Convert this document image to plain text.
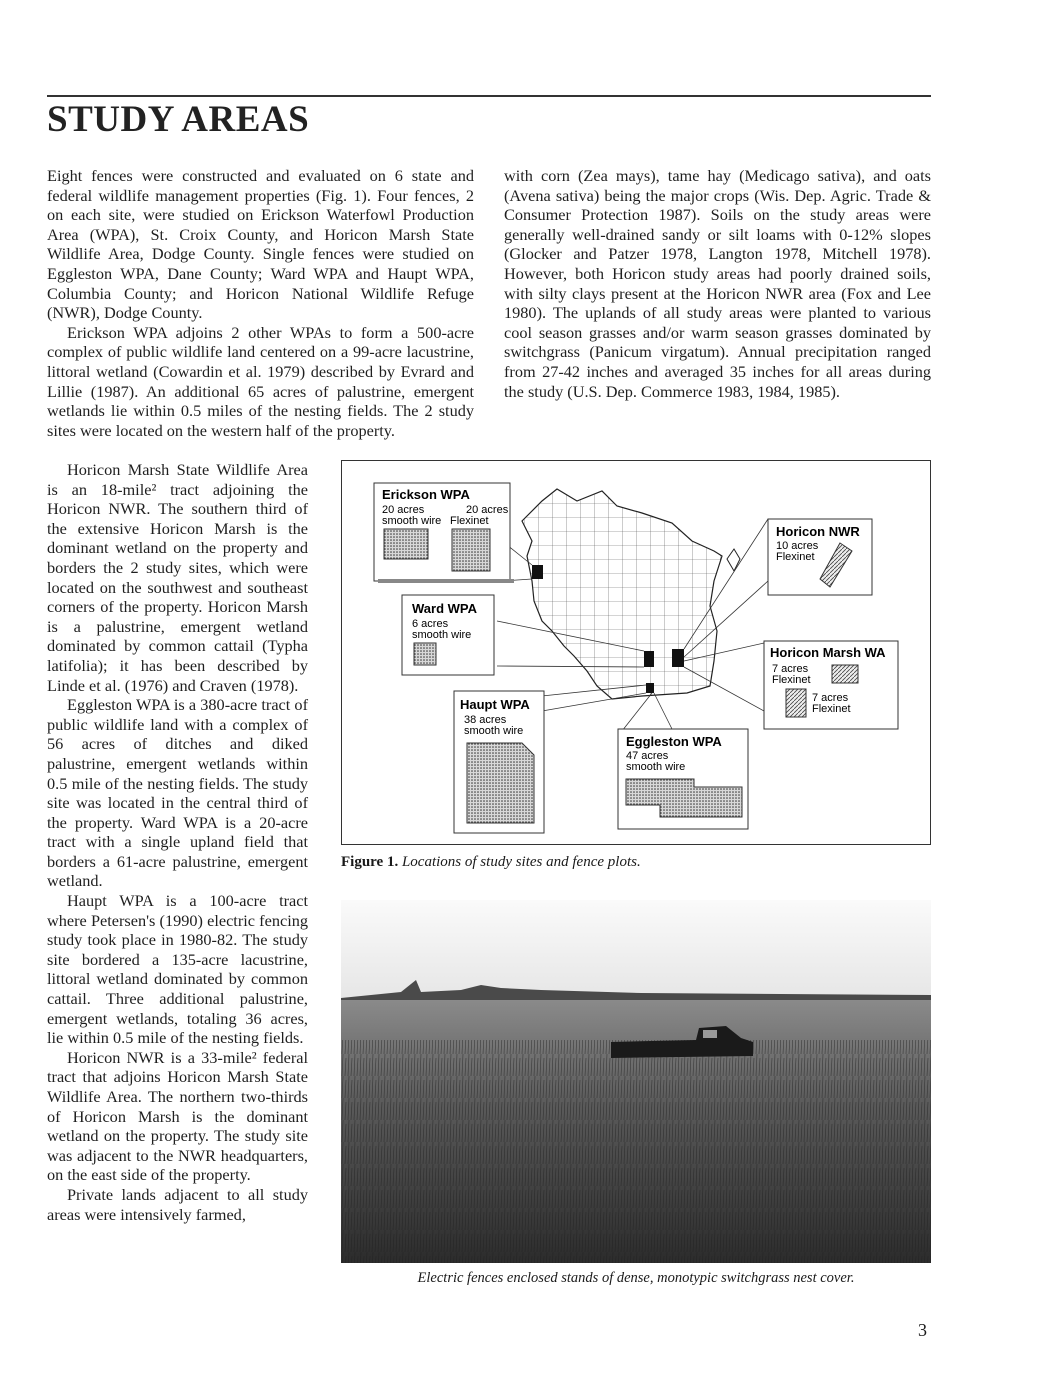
STUDY AREAS

Eight fences were constructed and evaluated on 6 state and federal wildlife management properties (Fig. 1). Four fences, 2 on each site, were studied on Erickson Waterfowl Production Area (WPA), St. Croix County, and Horicon Marsh State Wildlife Area, Dodge County. Single fences were studied on Eggleston WPA, Dane County; Ward WPA and Haupt WPA, Columbia County; and Horicon National Wildlife Refuge (NWR), Dodge County.

Erickson WPA adjoins 2 other WPAs to form a 500-acre complex of public wildlife land centered on a 99-acre lacustrine, littoral wetland (Cowardin et al. 1979) described by Evrard and Lillie (1987). An additional 65 acres of palustrine, emergent wetlands lie within 0.5 miles of the nesting fields. The 2 study sites were located on the western half of the property.

Horicon Marsh State Wildlife Area is an 18-mile² tract adjoining the Horicon NWR. The southern third of the extensive Horicon Marsh is the dominant wetland on the property and borders the 2 study sites, which were located on the southwest and southeast corners of the property. Horicon Marsh is a palustrine, emergent wetland dominated by common cattail (Typha latifolia); it has been described by Linde et al. (1976) and Craven (1978).

Eggleston WPA is a 380-acre tract of public wildlife land with a complex of 56 acres of ditches and diked palustrine, emergent wetlands within 0.5 mile of the nesting fields. The study site was located in the central third of the property. Ward WPA is a 20-acre tract with a single upland field that borders a 61-acre palustrine, emergent wetland.

Haupt WPA is a 100-acre tract where Petersen's (1990) electric fencing study took place in 1980-82. The study site bordered a 135-acre lacustrine, littoral wetland dominated by common cattail. Three additional palustrine, emergent wetlands, totaling 36 acres, lie within 0.5 mile of the nesting fields.

Horicon NWR is a 33-mile² federal tract that adjoins Horicon Marsh State Wildlife Area. The northern two-thirds of Horicon Marsh is the dominant wetland on the property. The study site was adjacent to the NWR headquarters, on the east side of the property.

Private lands adjacent to all study areas were intensively farmed,

with corn (Zea mays), tame hay (Medicago sativa), and oats (Avena sativa) being the major crops (Wis. Dep. Agric. Trade & Consumer Protection 1987). Soils on the study areas were generally well-drained sandy or silt loams with 0-12% slopes (Glocker and Patzer 1978, Langton 1978, Mitchell 1978). However, both Horicon study areas had poorly drained soils, with silty clays present at the Horicon NWR area (Fox and Lee 1980). The uplands of all study areas were planted to various cool season grasses and/or warm season grasses dominated by switchgrass (Panicum virgatum). Annual precipitation ranged from 27-42 inches and averaged 35 inches for all areas during the study (U.S. Dep. Commerce 1983, 1984, 1985).

Erickson WPA
20 acres
smooth wire
20 acres
Flexinet
Ward WPA
6 acres
smooth wire
Haupt WPA
38 acres
smooth wire
Eggleston WPA
47 acres
smooth wire
Horicon NWR
10 acres
Flexinet
Horicon Marsh WA
7 acres
Flexinet
7 acres
Flexinet
Figure 1. Locations of study sites and fence plots.
Electric fences enclosed stands of dense, monotypic switchgrass nest cover.
3
